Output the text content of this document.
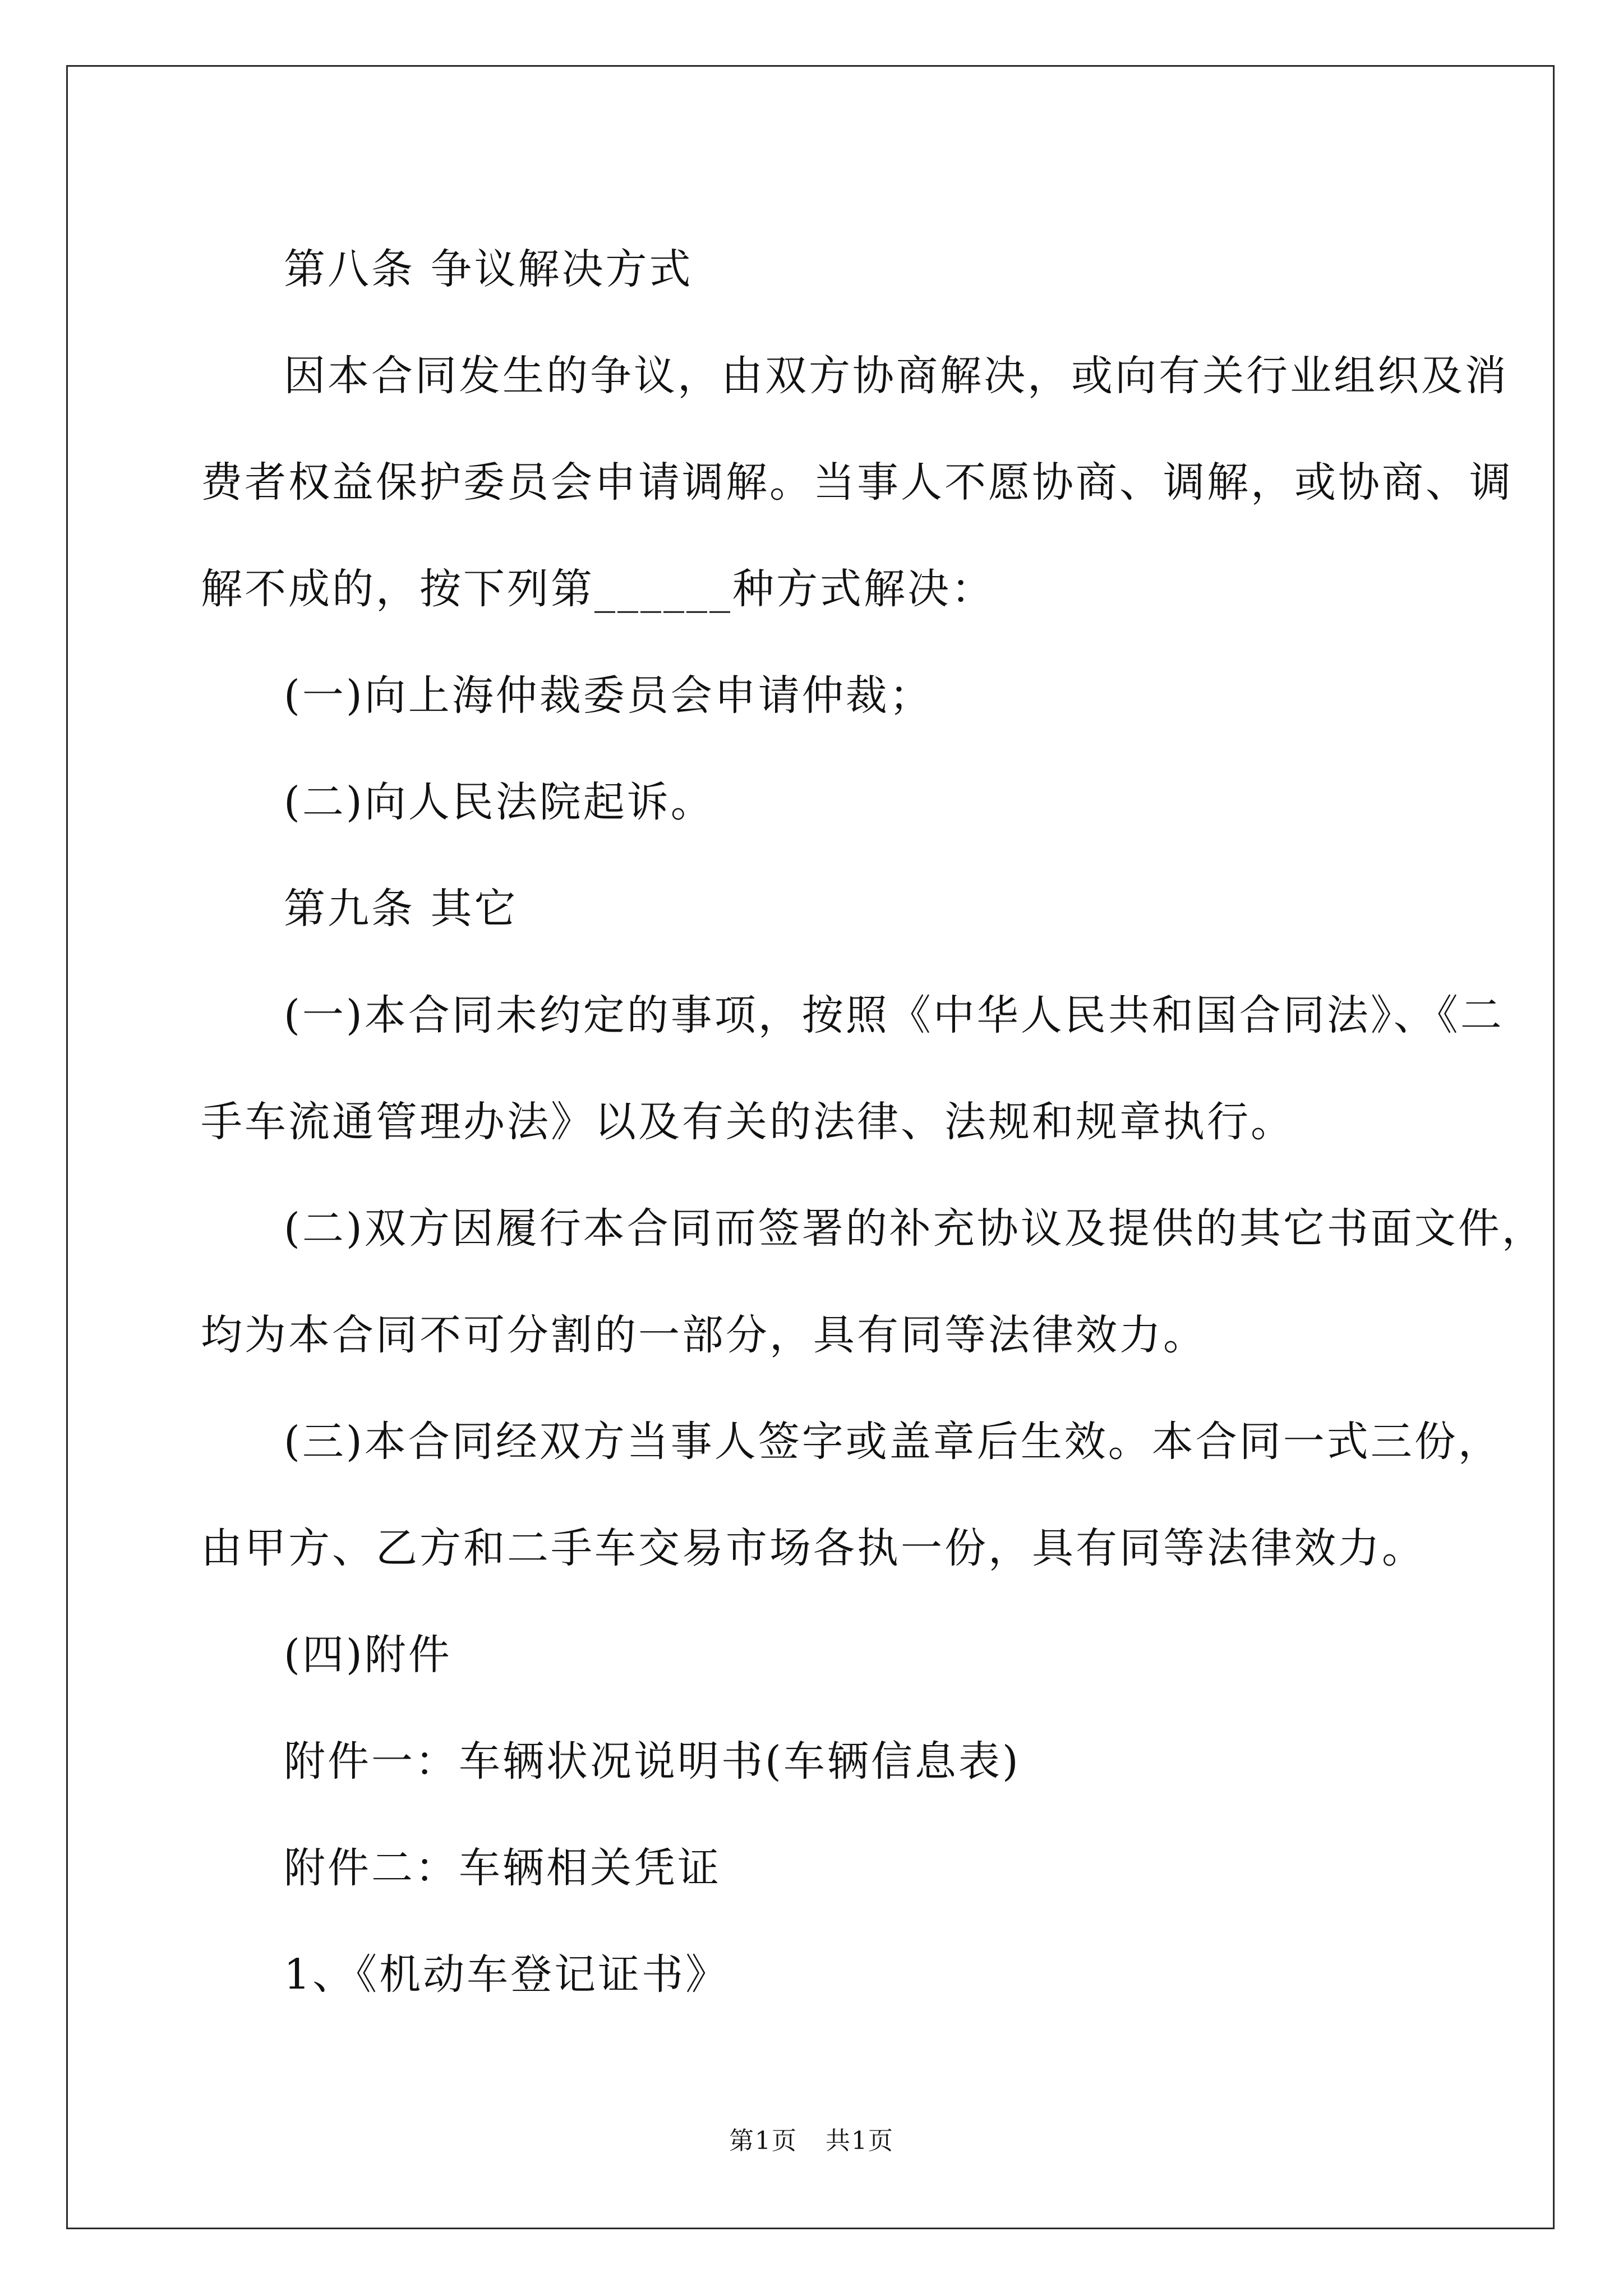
第八条 争议解决方式

因本合同发生的争议，由双方协商解决，或向有关行业组织及消
费者权益保护委员会申请调解。当事人不愿协商、调解，或协商、调
解不成的，按下列第______种方式解决：

(一)向上海仲裁委员会申请仲裁；

(二)向人民法院起诉。

第九条 其它

(一)本合同未约定的事项，按照《中华人民共和国合同法》、《二
手车流通管理办法》以及有关的法律、法规和规章执行。

(二)双方因履行本合同而签署的补充协议及提供的其它书面文件，
均为本合同不可分割的一部分，具有同等法律效力。

(三)本合同经双方当事人签字或盖章后生效。本合同一式三份，
由甲方、乙方和二手车交易市场各执一份，具有同等法律效力。

(四)附件

附件一：车辆状况说明书(车辆信息表)

附件二：车辆相关凭证

1、《机动车登记证书》

第1页 共1页
